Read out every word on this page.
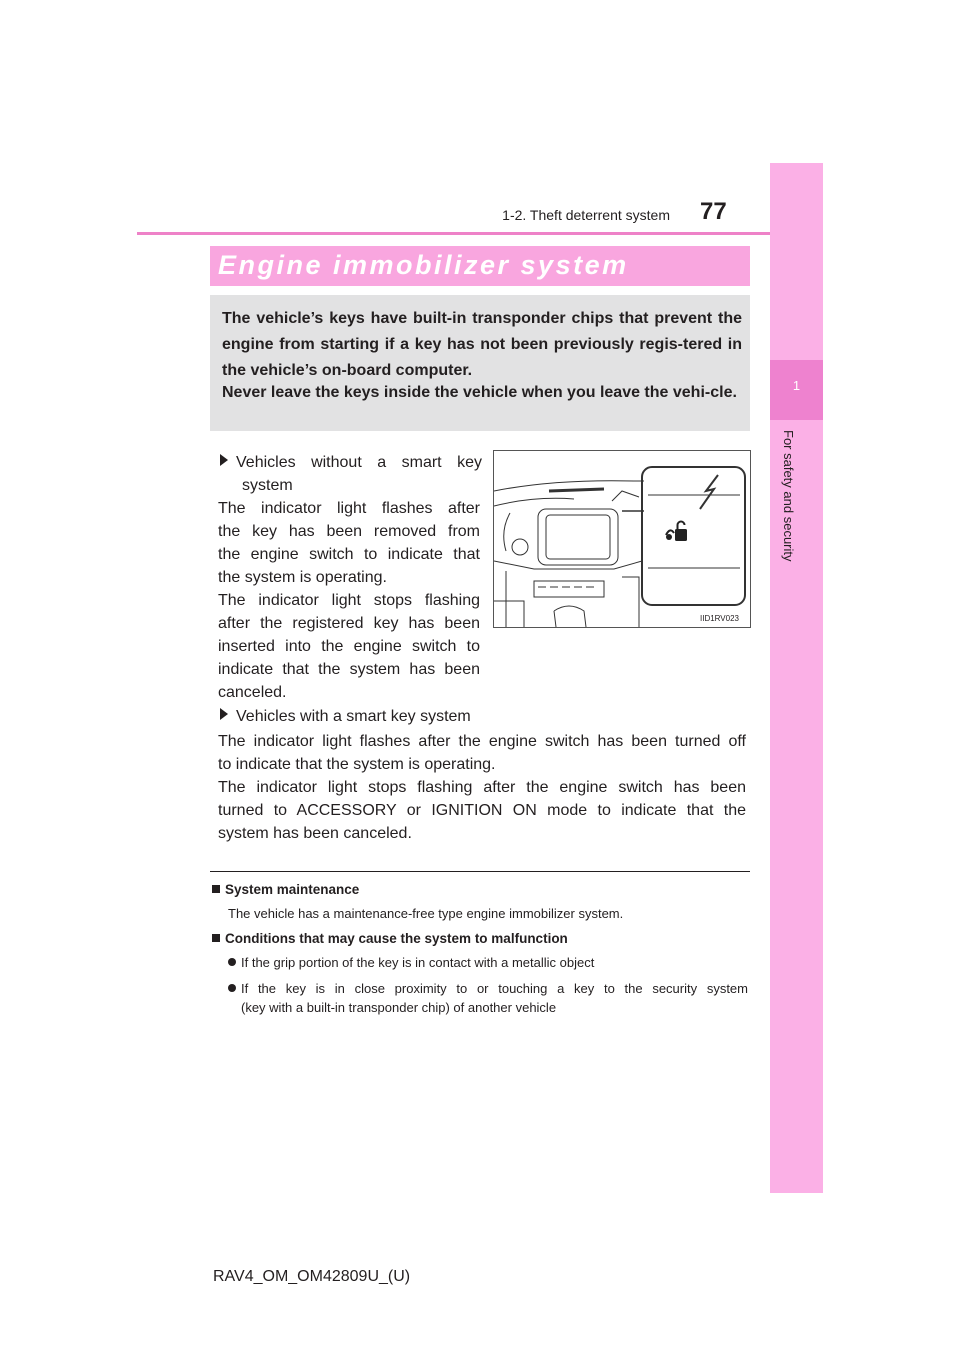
1-2. Theft deterrent system 77
1
For safety and security
Engine immobilizer system
The vehicle’s keys have built-in transponder chips that prevent the engine from starting if a key has not been previously regis-tered in the vehicle’s on-board computer.
Never leave the keys inside the vehicle when you leave the vehi-cle.
Vehicles without a smart key
system
The indicator light flashes after
the key has been removed from
the engine switch to indicate that
the system is operating.
The indicator light stops flashing
after the registered key has been
inserted into the engine switch to
indicate that the system has been
canceled.
IID1RV023
Vehicles with a smart key system
The indicator light flashes after the engine switch has been turned off
to indicate that the system is operating.
The indicator light stops flashing after the engine switch has been
turned to ACCESSORY or IGNITION ON mode to indicate that the
system has been canceled.
System maintenance
The vehicle has a maintenance-free type engine immobilizer system.
Conditions that may cause the system to malfunction
If the grip portion of the key is in contact with a metallic object
If the key is in close proximity to or touching a key to the security system
(key with a built-in transponder chip) of another vehicle
RAV4_OM_OM42809U_(U)
